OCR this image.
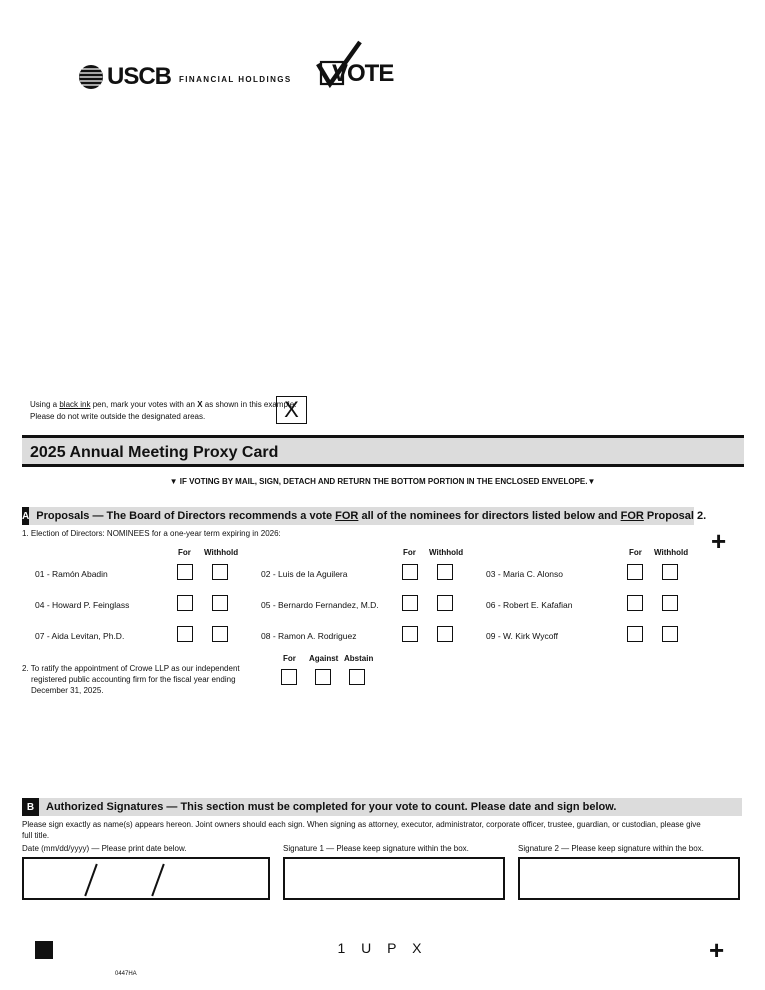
USCB FINANCIAL HOLDINGS VOTE
Using a black ink pen, mark your votes with an X as shown in this example.
Please do not write outside the designated areas.	X
2025 Annual Meeting Proxy Card
▼ IF VOTING BY MAIL, SIGN, DETACH AND RETURN THE BOTTOM PORTION IN THE ENCLOSED ENVELOPE.▼
A Proposals — The Board of Directors recommends a vote FOR all of the nominees for directors listed below and FOR Proposal 2.
+
1. Election of Directors: NOMINEES for a one-year term expiring in 2026:
For Withhold	For Withhold	For Withhold
01 - Ramón Abadin	02 - Luis de la Aguilera	03 - Maria C. Alonso
04 - Howard P. Feinglass	05 - Bernardo Fernandez, M.D.	06 - Robert E. Kafafian
07 - Aida Levitan, Ph.D.	08 - Ramon A. Rodriguez	09 - W. Kirk Wycoff
2. To ratify the appointment of Crowe LLP as our independent
registered public accounting firm for the fiscal year ending
December 31, 2025.
For Against Abstain
B	Authorized Signatures — This section must be completed for your vote to count. Please date and sign below.
Please sign exactly as name(s) appears hereon. Joint owners should each sign. When signing as attorney, executor, administrator, corporate officer, trustee, guardian, or custodian, please give
full title.
Date (mm/dd/yyyy) — Please print date below.	Signature 1 — Please keep signature within the box.	Signature 2 — Please keep signature within the box.
1 U P X	+
0447HA
